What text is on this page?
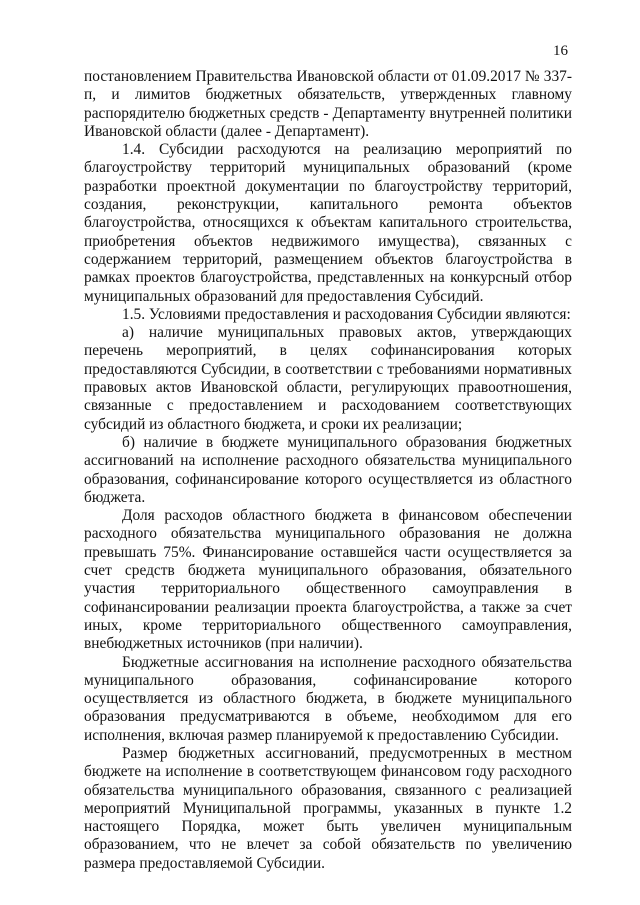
16

постановлением Правительства Ивановской области от 01.09.2017 № 337-п, и лимитов бюджетных обязательств, утвержденных главному распорядителю бюджетных средств - Департаменту внутренней политики Ивановской области (далее - Департамент).

1.4. Субсидии расходуются на реализацию мероприятий по благоустройству территорий муниципальных образований (кроме разработки проектной документации по благоустройству территорий, создания, реконструкции, капитального ремонта объектов благоустройства, относящихся к объектам капитального строительства, приобретения объектов недвижимого имущества), связанных с содержанием территорий, размещением объектов благоустройства в рамках проектов благоустройства, представленных на конкурсный отбор муниципальных образований для предоставления Субсидий.

1.5. Условиями предоставления и расходования Субсидии являются:

а) наличие муниципальных правовых актов, утверждающих перечень мероприятий, в целях софинансирования которых предоставляются Субсидии, в соответствии с требованиями нормативных правовых актов Ивановской области, регулирующих правоотношения, связанные с предоставлением и расходованием соответствующих субсидий из областного бюджета, и сроки их реализации;

б) наличие в бюджете муниципального образования бюджетных ассигнований на исполнение расходного обязательства муниципального образования, софинансирование которого осуществляется из областного бюджета.

Доля расходов областного бюджета в финансовом обеспечении расходного обязательства муниципального образования не должна превышать 75%. Финансирование оставшейся части осуществляется за счет средств бюджета муниципального образования, обязательного участия территориального общественного самоуправления в софинансировании реализации проекта благоустройства, а также за счет иных, кроме территориального общественного самоуправления, внебюджетных источников (при наличии).

Бюджетные ассигнования на исполнение расходного обязательства муниципального образования, софинансирование которого осуществляется из областного бюджета, в бюджете муниципального образования предусматриваются в объеме, необходимом для его исполнения, включая размер планируемой к предоставлению Субсидии.

Размер бюджетных ассигнований, предусмотренных в местном бюджете на исполнение в соответствующем финансовом году расходного обязательства муниципального образования, связанного с реализацией мероприятий Муниципальной программы, указанных в пункте 1.2 настоящего Порядка, может быть увеличен муниципальным образованием, что не влечет за собой обязательств по увеличению размера предоставляемой Субсидии.
